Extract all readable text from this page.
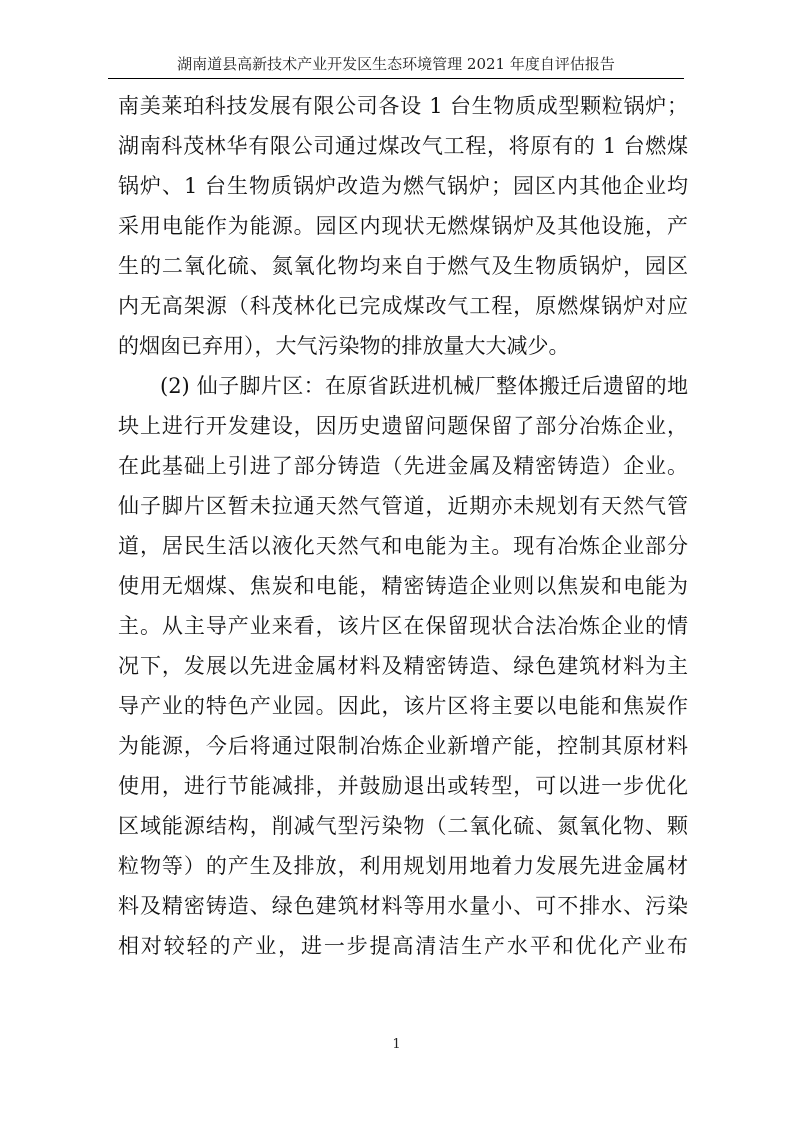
湖南道县高新技术产业开发区生态环境管理 2021 年度自评估报告
南美莱珀科技发展有限公司各设 1 台生物质成型颗粒锅炉；
湖南科茂林华有限公司通过煤改气工程，将原有的 1 台燃煤
锅炉、1 台生物质锅炉改造为燃气锅炉；园区内其他企业均
采用电能作为能源。园区内现状无燃煤锅炉及其他设施，产
生的二氧化硫、氮氧化物均来自于燃气及生物质锅炉，园区
内无高架源（科茂林化已完成煤改气工程，原燃煤锅炉对应
的烟囱已弃用），大气污染物的排放量大大减少。
(2) 仙子脚片区：在原省跃进机械厂整体搬迁后遗留的地
块上进行开发建设，因历史遗留问题保留了部分冶炼企业，
在此基础上引进了部分铸造（先进金属及精密铸造）企业。
仙子脚片区暂未拉通天然气管道，近期亦未规划有天然气管
道，居民生活以液化天然气和电能为主。现有冶炼企业部分
使用无烟煤、焦炭和电能，精密铸造企业则以焦炭和电能为
主。从主导产业来看，该片区在保留现状合法冶炼企业的情
况下，发展以先进金属材料及精密铸造、绿色建筑材料为主
导产业的特色产业园。因此，该片区将主要以电能和焦炭作
为能源，今后将通过限制冶炼企业新增产能，控制其原材料
使用，进行节能减排，并鼓励退出或转型，可以进一步优化
区域能源结构，削减气型污染物（二氧化硫、氮氧化物、颗
粒物等）的产生及排放，利用规划用地着力发展先进金属材
料及精密铸造、绿色建筑材料等用水量小、可不排水、污染
相对较轻的产业，进一步提高清洁生产水平和优化产业布
1
